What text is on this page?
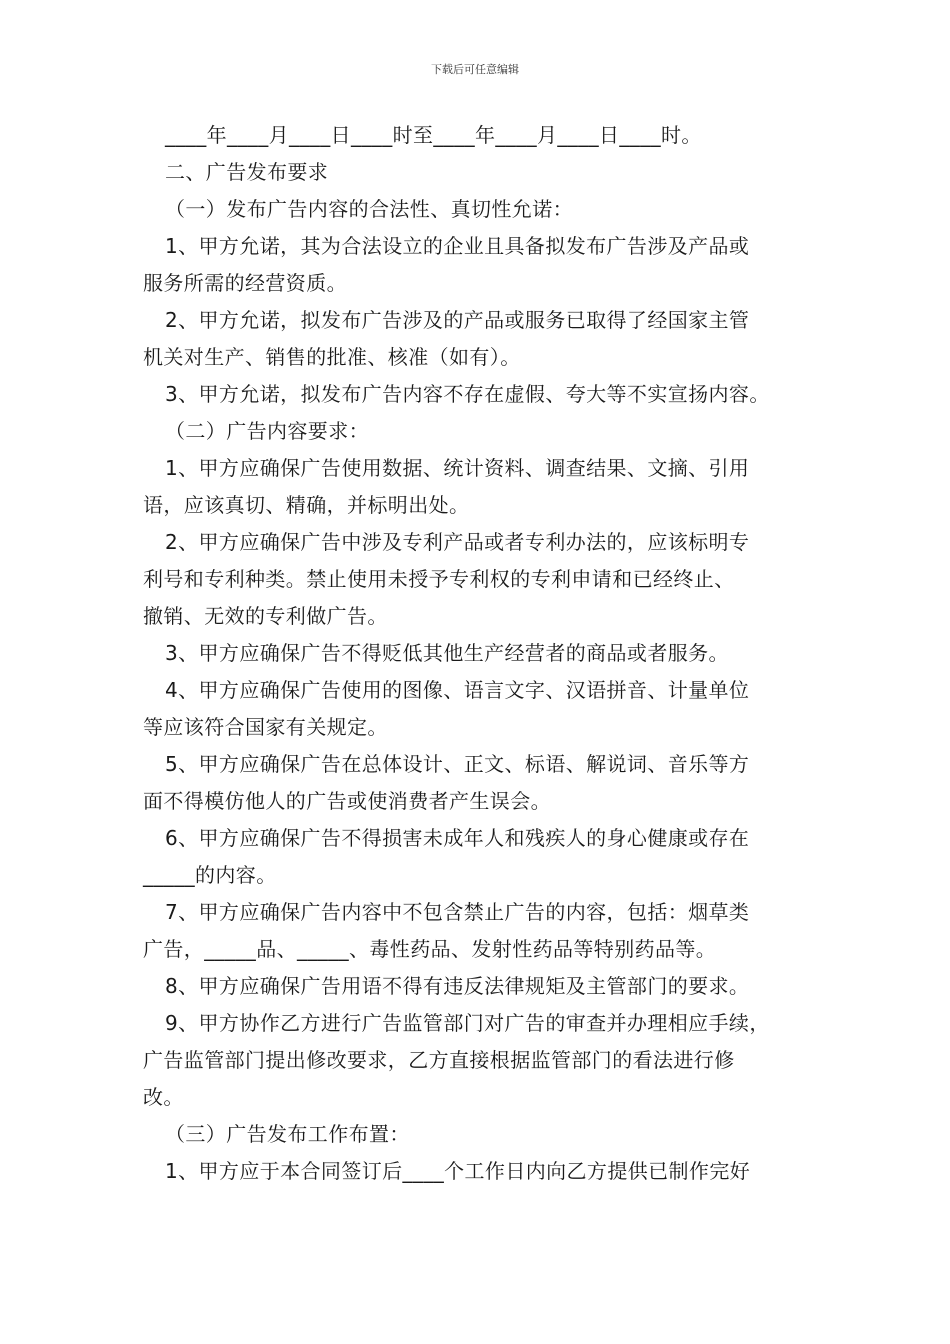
下载后可任意编辑
____年____月____日____时至____年____月____日____时。
二、广告发布要求
（一）发布广告内容的合法性、真切性允诺：
1、甲方允诺，其为合法设立的企业且具备拟发布广告涉及产品或
服务所需的经营资质。
2、甲方允诺，拟发布广告涉及的产品或服务已取得了经国家主管
机关对生产、销售的批准、核准（如有）。
3、甲方允诺，拟发布广告内容不存在虚假、夸大等不实宣扬内容。
（二）广告内容要求：
1、甲方应确保广告使用数据、统计资料、调查结果、文摘、引用
语，应该真切、精确，并标明出处。
2、甲方应确保广告中涉及专利产品或者专利办法的，应该标明专
利号和专利种类。禁止使用未授予专利权的专利申请和已经终止、
撤销、无效的专利做广告。
3、甲方应确保广告不得贬低其他生产经营者的商品或者服务。
4、甲方应确保广告使用的图像、语言文字、汉语拼音、计量单位
等应该符合国家有关规定。
5、甲方应确保广告在总体设计、正文、标语、解说词、音乐等方
面不得模仿他人的广告或使消费者产生误会。
6、甲方应确保广告不得损害未成年人和残疾人的身心健康或存在
_____的内容。
7、甲方应确保广告内容中不包含禁止广告的内容，包括：烟草类
广告，_____品、_____、毒性药品、发射性药品等特别药品等。
8、甲方应确保广告用语不得有违反法律规矩及主管部门的要求。
9、甲方协作乙方进行广告监管部门对广告的审查并办理相应手续，
广告监管部门提出修改要求，乙方直接根据监管部门的看法进行修
改。
（三）广告发布工作布置：
1、甲方应于本合同签订后____个工作日内向乙方提供已制作完好
